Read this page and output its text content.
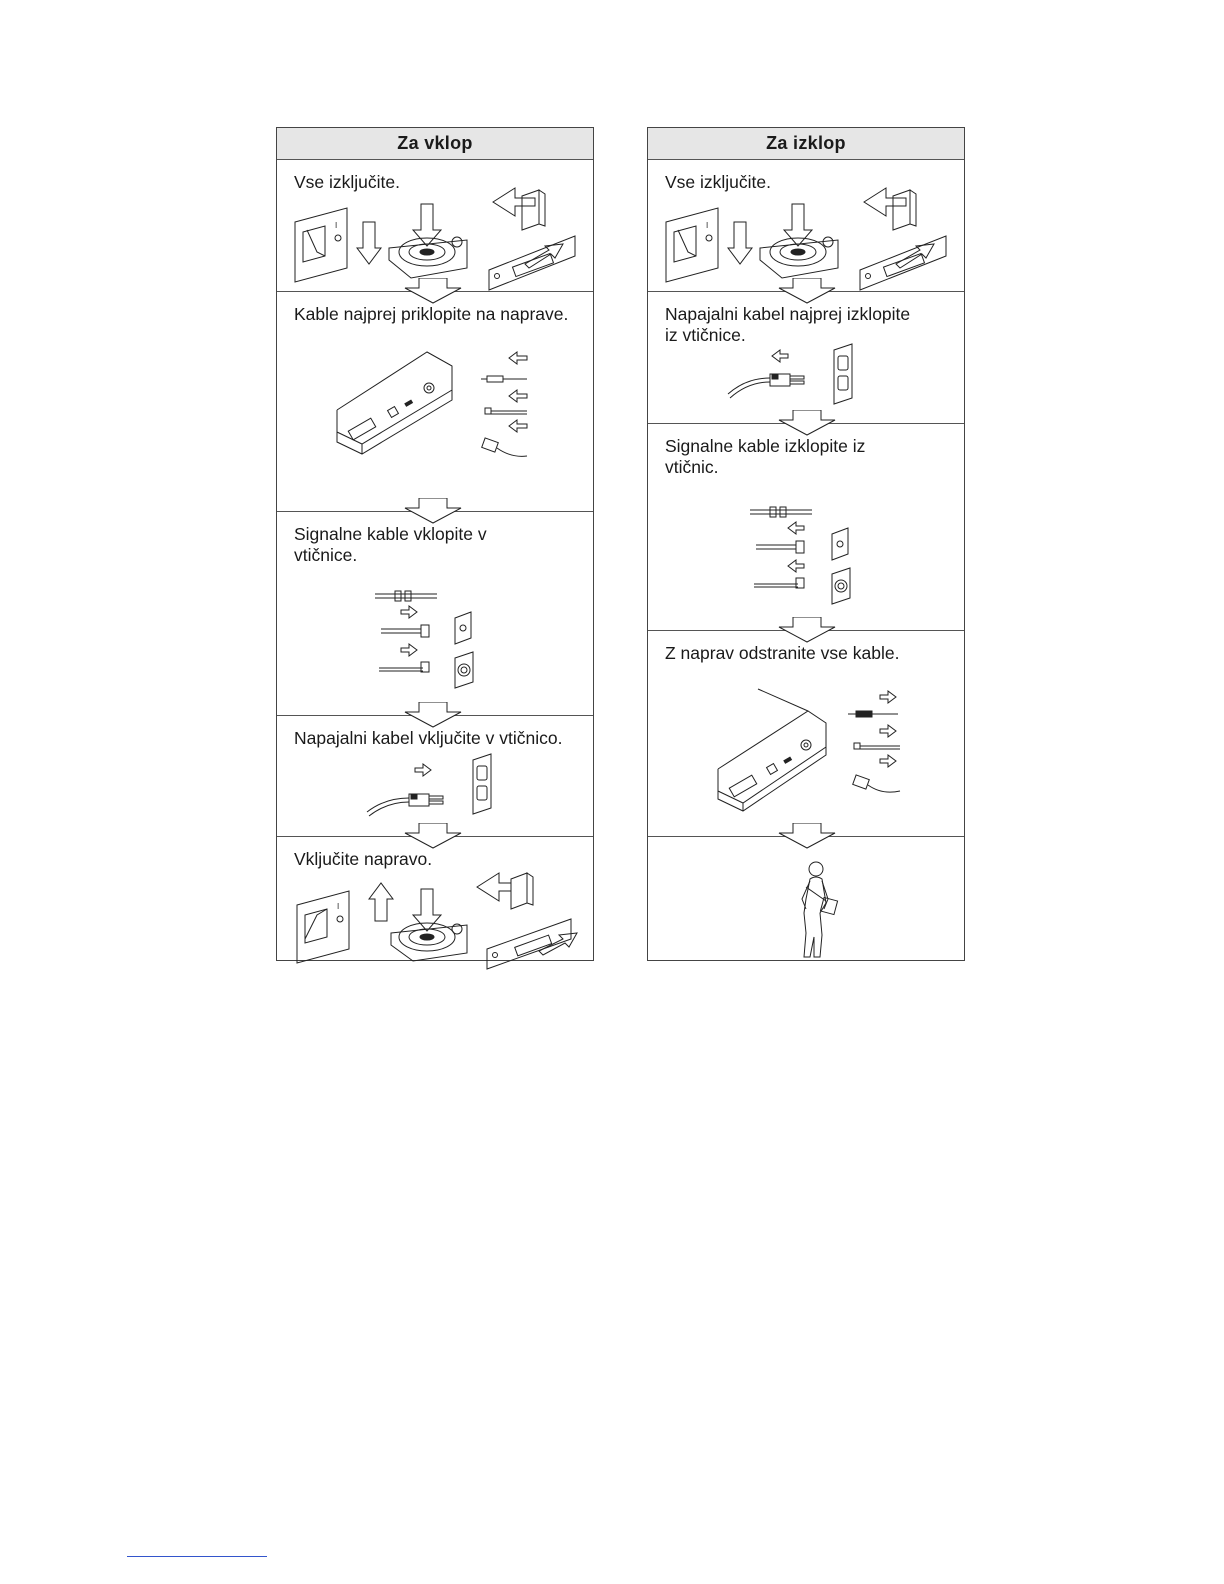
Za vklop
Vse izključite.
I
Kable najprej priklopite na naprave.
Signalne kable vklopite v
vtičnice.
Napajalni kabel vključite v vtičnico.
Vključite napravo.
I
Za izklop
Vse izključite.
I
Napajalni kabel najprej izklopite
iz vtičnice.
Signalne kable izklopite iz
vtičnic.
Z naprav odstranite vse kable.
